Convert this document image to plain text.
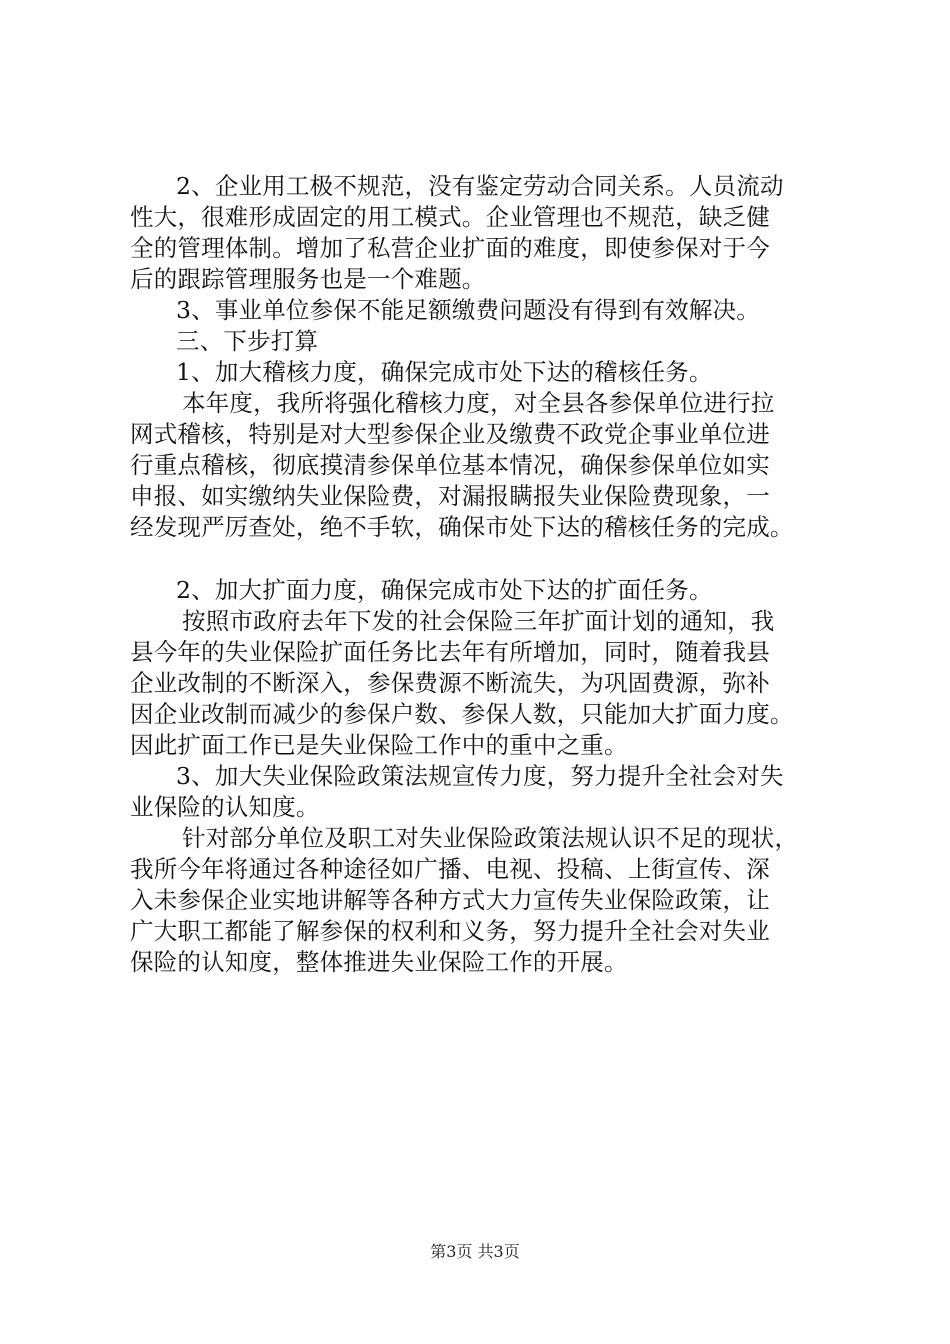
2、企业用工极不规范，没有鉴定劳动合同关系。人员流动
性大，很难形成固定的用工模式。企业管理也不规范，缺乏健
全的管理体制。增加了私营企业扩面的难度，即使参保对于今
后的跟踪管理服务也是一个难题。
3、事业单位参保不能足额缴费问题没有得到有效解决。
三、下步打算
1、加大稽核力度，确保完成市处下达的稽核任务。
本年度，我所将强化稽核力度，对全县各参保单位进行拉
网式稽核，特别是对大型参保企业及缴费不政党企事业单位进
行重点稽核，彻底摸清参保单位基本情况，确保参保单位如实
申报、如实缴纳失业保险费，对漏报瞒报失业保险费现象，一
经发现严厉查处，绝不手软，确保市处下达的稽核任务的完成。
2、加大扩面力度，确保完成市处下达的扩面任务。
按照市政府去年下发的社会保险三年扩面计划的通知，我
县今年的失业保险扩面任务比去年有所增加，同时，随着我县
企业改制的不断深入，参保费源不断流失，为巩固费源，弥补
因企业改制而减少的参保户数、参保人数，只能加大扩面力度。
因此扩面工作已是失业保险工作中的重中之重。
3、加大失业保险政策法规宣传力度，努力提升全社会对失
业保险的认知度。
针对部分单位及职工对失业保险政策法规认识不足的现状，
我所今年将通过各种途径如广播、电视、投稿、上街宣传、深
入未参保企业实地讲解等各种方式大力宣传失业保险政策，让
广大职工都能了解参保的权利和义务，努力提升全社会对失业
保险的认知度，整体推进失业保险工作的开展。
第3页 共3页
